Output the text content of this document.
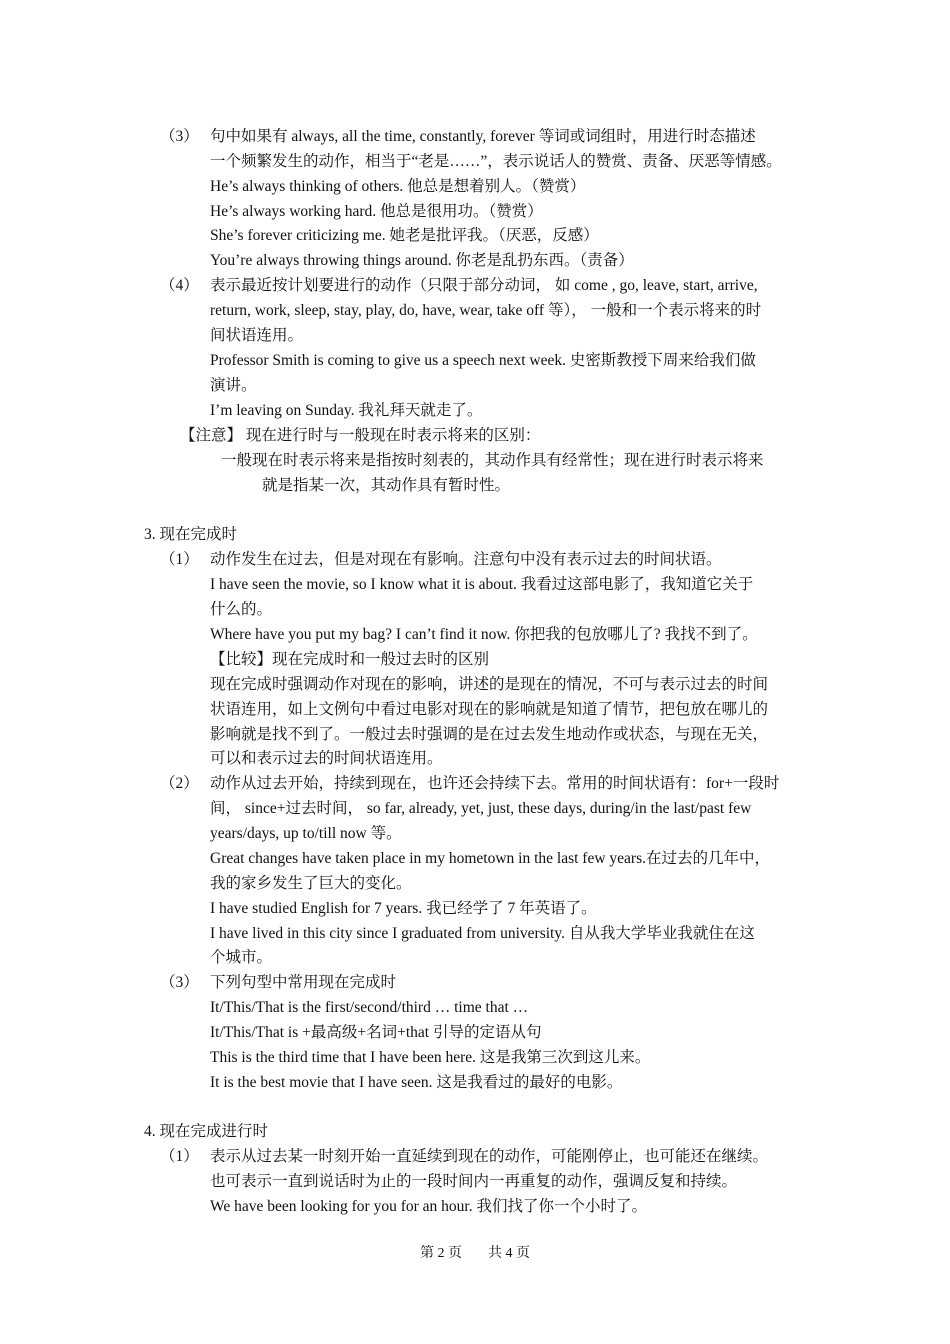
（3）
（4）
（1）
（2）
（3）
（1）
句中如果有 always, all the time, constantly, forever 等词或词组时，用进行时态描述
一个频繁发生的动作，相当于“老是……”，表示说话人的赞赏、责备、厌恶等情感。
He’s always thinking of others. 他总是想着别人。（赞赏）
He’s always working hard. 他总是很用功。（赞赏）
She’s forever criticizing me. 她老是批评我。（厌恶，反感）
You’re always throwing things around. 你老是乱扔东西。（责备）
表示最近按计划要进行的动作（只限于部分动词， 如 come , go, leave, start, arrive,
return, work, sleep, stay, play, do, have, wear, take off 等）， 一般和一个表示将来的时
间状语连用。
Professor Smith is coming to give us a speech next week. 史密斯教授下周来给我们做
演讲。
I’m leaving on Sunday. 我礼拜天就走了。
【注意】 现在进行时与一般现在时表示将来的区别：
一般现在时表示将来是指按时刻表的，其动作具有经常性；现在进行时表示将来
就是指某一次，其动作具有暂时性。
3. 现在完成时
动作发生在过去，但是对现在有影响。注意句中没有表示过去的时间状语。
I have seen the movie, so I know what it is about. 我看过这部电影了，我知道它关于
什么的。
Where have you put my bag? I can’t find it now. 你把我的包放哪儿了? 我找不到了。
【比较】现在完成时和一般过去时的区别
现在完成时强调动作对现在的影响，讲述的是现在的情况，不可与表示过去的时间
状语连用，如上文例句中看过电影对现在的影响就是知道了情节，把包放在哪儿的
影响就是找不到了。一般过去时强调的是在过去发生地动作或状态，与现在无关，
可以和表示过去的时间状语连用。
动作从过去开始，持续到现在，也许还会持续下去。常用的时间状语有：for+一段时
间， since+过去时间， so far, already, yet, just, these days, during/in the last/past few
years/days, up to/till now 等。
Great changes have taken place in my hometown in the last few years.在过去的几年中，
我的家乡发生了巨大的变化。
I have studied English for 7 years. 我已经学了 7 年英语了。
I have lived in this city since I graduated from university. 自从我大学毕业我就住在这
个城市。
下列句型中常用现在完成时
It/This/That is the first/second/third … time that …
It/This/That is +最高级+名词+that 引导的定语从句
This is the third time that I have been here. 这是我第三次到这儿来。
It is the best movie that I have seen. 这是我看过的最好的电影。
4. 现在完成进行时
表示从过去某一时刻开始一直延续到现在的动作，可能刚停止，也可能还在继续。
也可表示一直到说话时为止的一段时间内一再重复的动作，强调反复和持续。
We have been looking for you for an hour. 我们找了你一个小时了。
第 2 页 共 4 页
